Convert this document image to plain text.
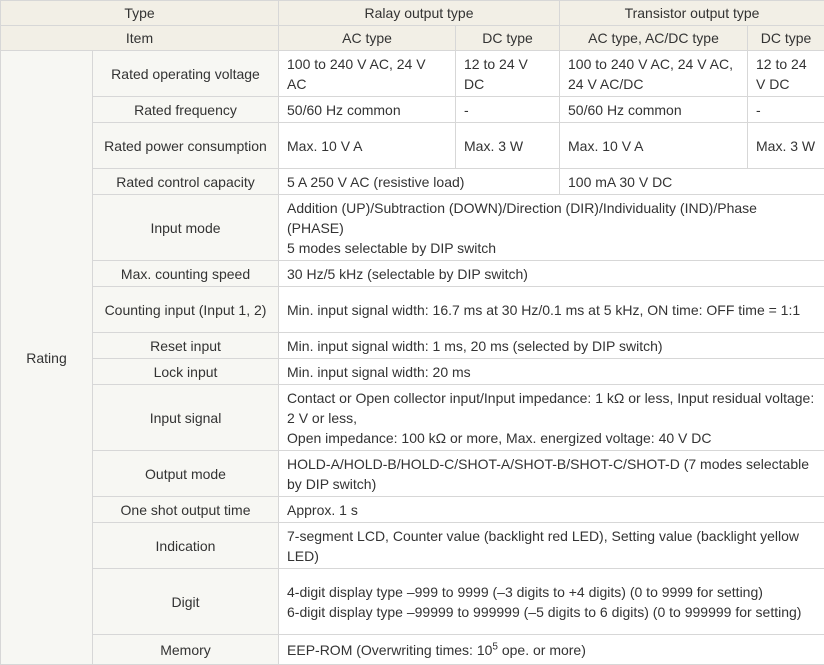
Type		Ralay output type		Transistor output type	
Item		AC type	DC type	AC type, AC/DC type	DC type
Rating	Rated operating voltage	100 to 240 V AC, 24 V AC	12 to 24 V DC	100 to 240 V AC, 24 V AC, 24 V AC/DC	12 to 24 V DC
	Rated frequency	50/60 Hz common	-	50/60 Hz common	-
	Rated power consumption	Max. 10 V A	Max. 3 W	Max. 10 V A	Max. 3 W
	Rated control capacity	5 A 250 V AC (resistive load)		100 mA 30 V DC	
	Input mode	Addition (UP)/Subtraction (DOWN)/Direction (DIR)/Individuality (IND)/Phase (PHASE)
5 modes selectable by DIP switch			
	Max. counting speed	30 Hz/5 kHz (selectable by DIP switch)			
	Counting input (Input 1, 2)	Min. input signal width: 16.7 ms at 30 Hz/0.1 ms at 5 kHz, ON time: OFF time = 1:1			
	Reset input	Min. input signal width: 1 ms, 20 ms (selected by DIP switch)			
	Lock input	Min. input signal width: 20 ms			
	Input signal	Contact or Open collector input/Input impedance: 1 kΩ or less, Input residual voltage: 2 V or less,
Open impedance: 100 kΩ or more, Max. energized voltage: 40 V DC			
	Output mode	HOLD-A/HOLD-B/HOLD-C/SHOT-A/SHOT-B/SHOT-C/SHOT-D (7 modes selectable by DIP switch)			
	One shot output time	Approx. 1 s			
	Indication	7-segment LCD, Counter value (backlight red LED), Setting value (backlight yellow LED)			
	Digit	4-digit display type –999 to 9999 (–3 digits to +4 digits) (0 to 9999 for setting)
6-digit display type –99999 to 999999 (–5 digits to 6 digits) (0 to 999999 for setting)			
	Memory	EEP-ROM (Overwriting times: $10^5$ ope. or more)			
